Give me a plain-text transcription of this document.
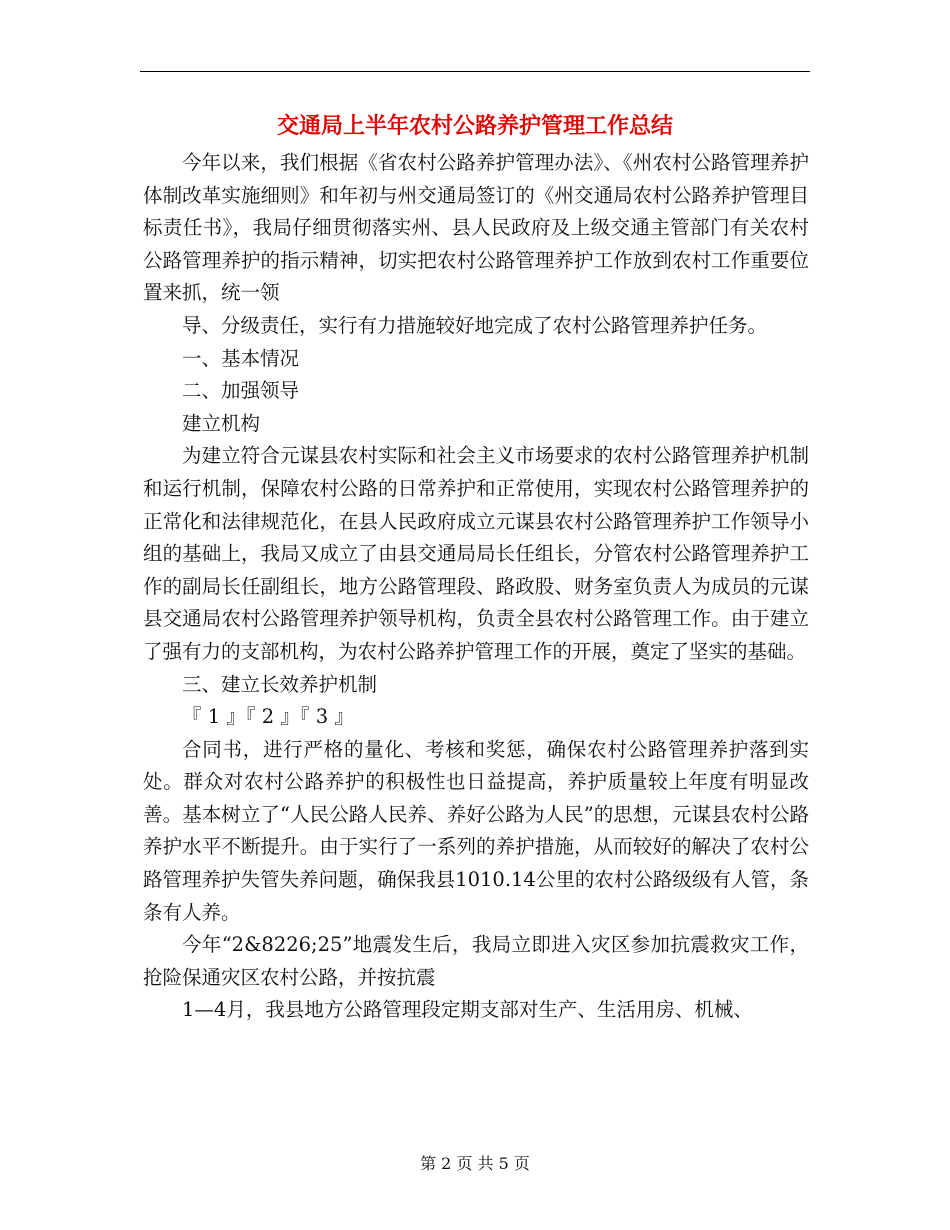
交通局上半年农村公路养护管理工作总结

今年以来，我们根据《省农村公路养护管理办法》、《州农村公路管理养护体制改革实施细则》和年初与州交通局签订的《州交通局农村公路养护管理目标责任书》，我局仔细贯彻落实州、县人民政府及上级交通主管部门有关农村公路管理养护的指示精神，切实把农村公路管理养护工作放到农村工作重要位置来抓，统一领

导、分级责任，实行有力措施较好地完成了农村公路管理养护任务。

一、基本情况

二、加强领导

建立机构

为建立符合元谋县农村实际和社会主义市场要求的农村公路管理养护机制和运行机制，保障农村公路的日常养护和正常使用，实现农村公路管理养护的正常化和法律规范化，在县人民政府成立元谋县农村公路管理养护工作领导小组的基础上，我局又成立了由县交通局局长任组长，分管农村公路管理养护工作的副局长任副组长，地方公路管理段、路政股、财务室负责人为成员的元谋县交通局农村公路管理养护领导机构，负责全县农村公路管理工作。由于建立了强有力的支部机构，为农村公路养护管理工作的开展，奠定了坚实的基础。

三、建立长效养护机制

『 1 』『 2 』『 3 』

合同书，进行严格的量化、考核和奖惩，确保农村公路管理养护落到实处。群众对农村公路养护的积极性也日益提高，养护质量较上年度有明显改善。基本树立了“人民公路人民养、养好公路为人民”的思想，元谋县农村公路养护水平不断提升。由于实行了一系列的养护措施，从而较好的解决了农村公路管理养护失管失养问题，确保我县1010.14公里的农村公路级级有人管，条条有人养。

今年“2&8226;25”地震发生后，我局立即进入灾区参加抗震救灾工作，抢险保通灾区农村公路，并按抗震

1—4月，我县地方公路管理段定期支部对生产、生活用房、机械、

第 2 页 共 5 页
